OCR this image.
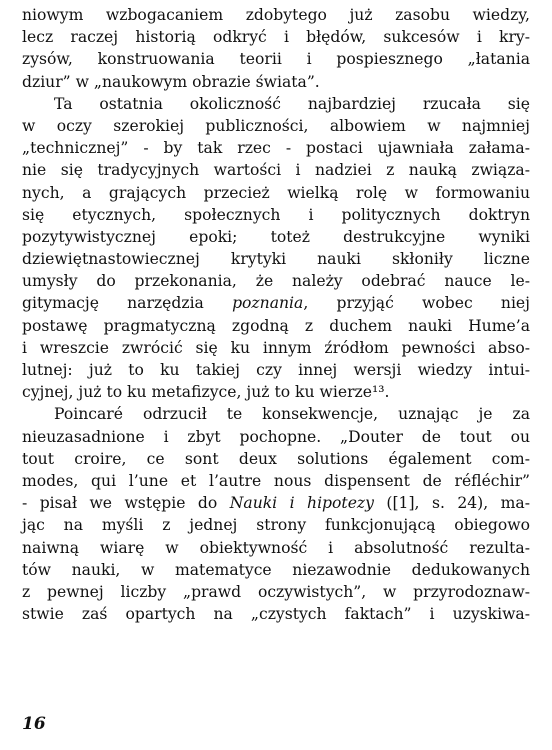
niowym wzbogacaniem zdobytego już zasobu wiedzy,
lecz raczej historią odkryć i błędów, sukcesów i kry-
zysów, konstruowania teorii i pospiesznego „łatania
dziur” w „naukowym obrazie świata”.
Ta ostatnia okoliczność najbardziej rzucała się
w oczy szerokiej publiczności, albowiem w najmniej
„technicznej” - by tak rzec - postaci ujawniała załama-
nie się tradycyjnych wartości i nadziei z nauką związa-
nych, a grających przecież wielką rolę w formowaniu
się etycznych, społecznych i politycznych doktryn
pozytywistycznej epoki; toteż destrukcyjne wyniki
dziewiętnastowiecznej krytyki nauki skłoniły liczne
umysły do przekonania, że należy odebrać nauce le-
gitymację narzędzia poznania, przyjąć wobec niej
postawę pragmatyczną zgodną z duchem nauki Hume’a
i wreszcie zwrócić się ku innym źródłom pewności abso-
lutnej: już to ku takiej czy innej wersji wiedzy intui-
cyjnej, już to ku metafizyce, już to ku wierze¹³.
Poincaré odrzucił te konsekwencje, uznając je za
nieuzasadnione i zbyt pochopne. „Douter de tout ou
tout croire, ce sont deux solutions également com-
modes, qui l’une et l’autre nous dispensent de réfléchir”
- pisał we wstępie do Nauki i hipotezy ([1], s. 24), ma-
jąc na myśli z jednej strony funkcjonującą obiegowo
naiwną wiarę w obiektywność i absolutność rezulta-
tów nauki, w matematyce niezawodnie dedukowanych
z pewnej liczby „prawd oczywistych”, w przyrodoznaw-
stwie zaś opartych na „czystych faktach” i uzyskiwa-
16
